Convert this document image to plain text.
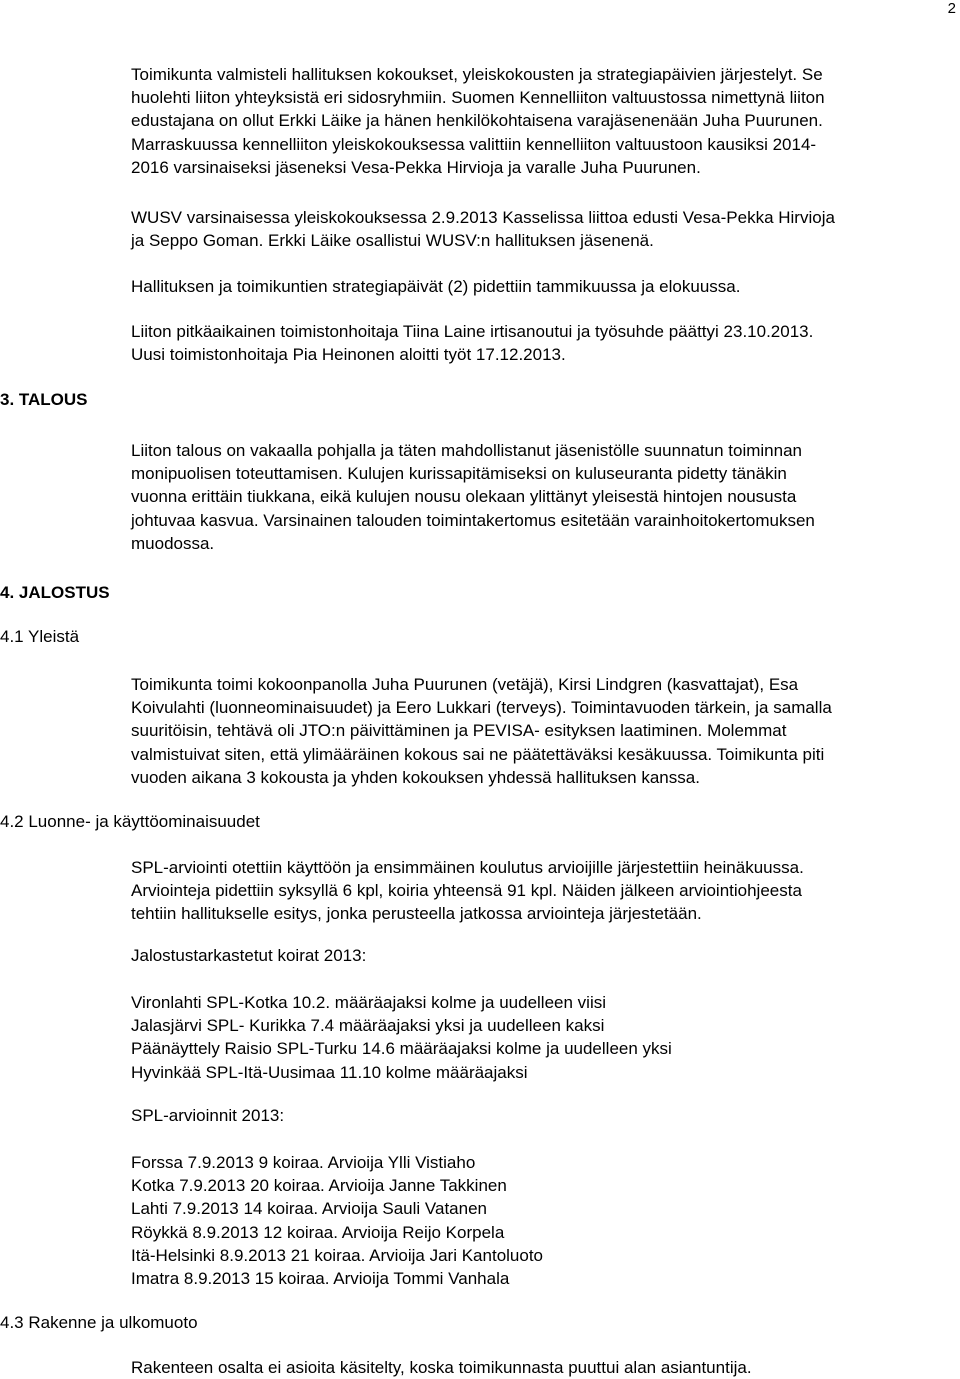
2
Toimikunta valmisteli hallituksen kokoukset, yleiskokousten ja strategiapäivien järjestelyt. Se
huolehti liiton yhteyksistä eri sidosryhmiin. Suomen Kennelliiton valtuustossa nimettynä liiton
edustajana on ollut Erkki Läike ja hänen henkilökohtaisena varajäsenenään Juha Puurunen.
Marraskuussa kennelliiton yleiskokouksessa valittiin kennelliiton valtuustoon kausiksi 2014-
2016 varsinaiseksi jäseneksi Vesa-Pekka Hirvioja ja varalle Juha Puurunen.
WUSV varsinaisessa yleiskokouksessa 2.9.2013 Kasselissa liittoa edusti Vesa-Pekka Hirvioja
ja Seppo Goman. Erkki Läike osallistui WUSV:n hallituksen jäsenenä.
Hallituksen ja toimikuntien strategiapäivät (2) pidettiin tammikuussa ja elokuussa.
Liiton pitkäaikainen toimistonhoitaja Tiina Laine irtisanoutui ja työsuhde päättyi 23.10.2013.
Uusi toimistonhoitaja Pia Heinonen aloitti työt 17.12.2013.
3. TALOUS
Liiton talous on vakaalla pohjalla ja täten mahdollistanut jäsenistölle suunnatun toiminnan
monipuolisen toteuttamisen. Kulujen kurissapitämiseksi on kuluseuranta pidetty tänäkin
vuonna erittäin tiukkana, eikä kulujen nousu olekaan ylittänyt yleisestä hintojen noususta
johtuvaa kasvua. Varsinainen talouden toimintakertomus esitetään varainhoitokertomuksen
muodossa.
4. JALOSTUS
4.1 Yleistä
Toimikunta toimi kokoonpanolla Juha Puurunen (vetäjä), Kirsi Lindgren (kasvattajat), Esa
Koivulahti (luonneominaisuudet) ja Eero Lukkari (terveys). Toimintavuoden tärkein, ja samalla
suuritöisin, tehtävä oli JTO:n päivittäminen ja PEVISA- esityksen laatiminen. Molemmat
valmistuivat siten, että ylimääräinen kokous sai ne päätettäväksi kesäkuussa. Toimikunta piti
vuoden aikana 3 kokousta ja yhden kokouksen yhdessä hallituksen kanssa.
4.2 Luonne- ja käyttöominaisuudet
SPL-arviointi otettiin käyttöön ja ensimmäinen koulutus arvioijille järjestettiin heinäkuussa.
Arviointeja pidettiin syksyllä 6 kpl, koiria yhteensä 91 kpl. Näiden jälkeen arviointiohjeesta
tehtiin hallitukselle esitys, jonka perusteella jatkossa arviointeja järjestetään.
Jalostustarkastetut koirat 2013:
Vironlahti SPL-Kotka 10.2. määräajaksi kolme ja uudelleen viisi
Jalasjärvi SPL- Kurikka 7.4 määräajaksi yksi ja uudelleen kaksi
Päänäyttely Raisio SPL-Turku 14.6 määräajaksi kolme ja uudelleen yksi
Hyvinkää SPL-Itä-Uusimaa 11.10 kolme määräajaksi
SPL-arvioinnit 2013:
Forssa 7.9.2013 9 koiraa. Arvioija Ylli Vistiaho
Kotka 7.9.2013 20 koiraa. Arvioija Janne Takkinen
Lahti 7.9.2013 14 koiraa. Arvioija Sauli Vatanen
Röykkä 8.9.2013 12 koiraa. Arvioija Reijo Korpela
Itä-Helsinki 8.9.2013 21 koiraa. Arvioija Jari Kantoluoto
Imatra 8.9.2013 15 koiraa. Arvioija Tommi Vanhala
4.3 Rakenne ja ulkomuoto
Rakenteen osalta ei asioita käsitelty, koska toimikunnasta puuttui alan asiantuntija.
